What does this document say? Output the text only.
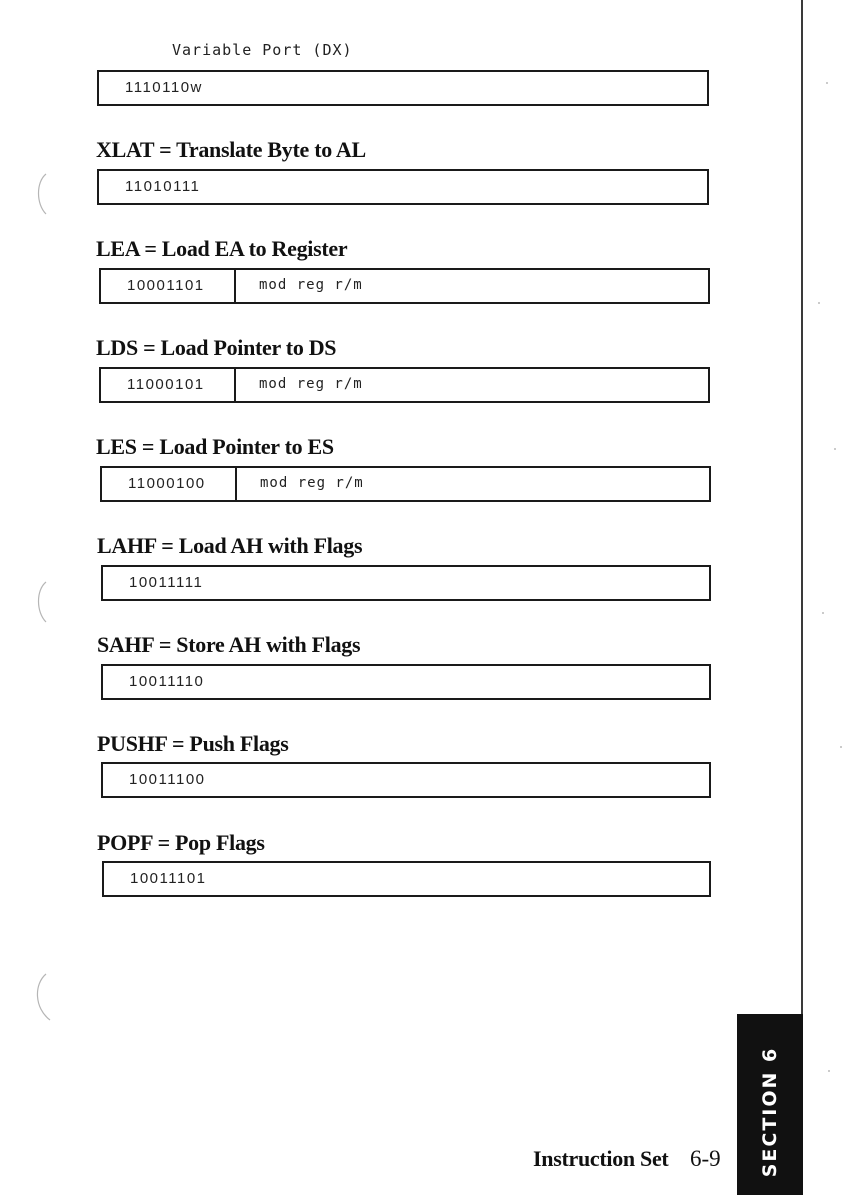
Variable Port (DX)
1110110w
XLAT = Translate Byte to AL
11010111
LEA = Load EA to Register
10001101	mod reg r/m
LDS = Load Pointer to DS
11000101	mod reg r/m
LES = Load Pointer to ES
11000100	mod reg r/m
LAHF = Load AH with Flags
10011111
SAHF = Store AH with Flags
10011110
PUSHF = Push Flags
10011100
POPF = Pop Flags
10011101
SECTION 6
Instruction Set 6-9
